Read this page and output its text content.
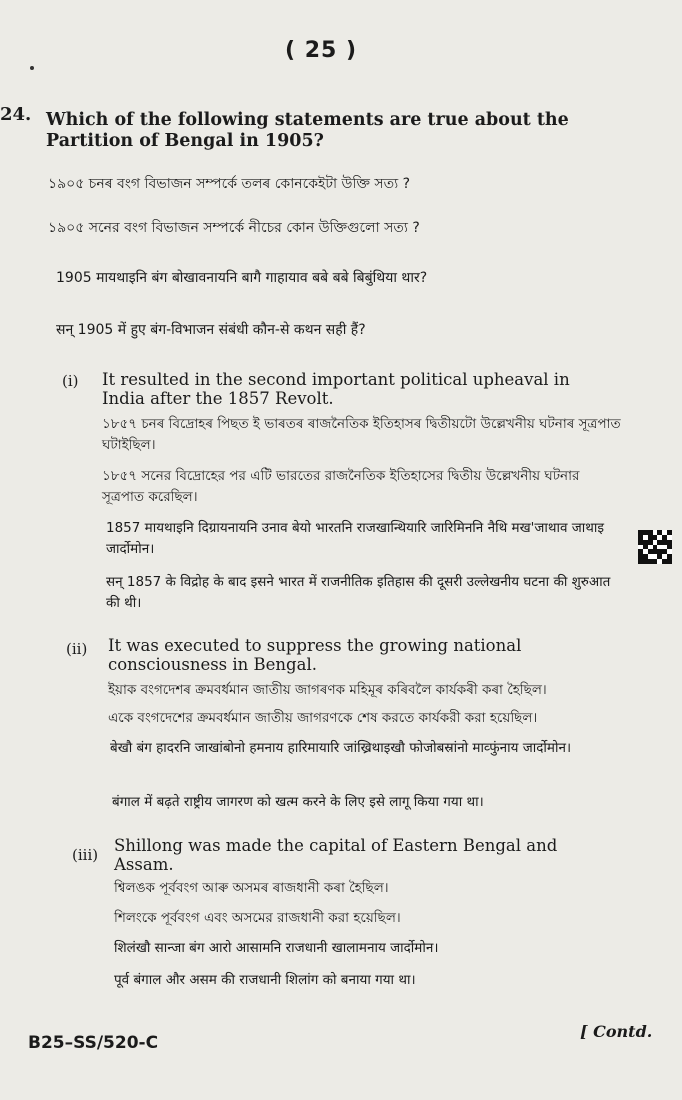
( 25 )
24. Which of the following statements are true about the Partition of Bengal in 1905?
১৯০৫ চনৰ বংগ বিভাজন সম্পৰ্কে তলৰ কোনকেইটা উক্তি সত্য ?
১৯০৫ সনের বংগ বিভাজন সম্পর্কে নীচের কোন উক্তিগুলো সত্য ?
1905 मायथाइनि बंग बोखावनायनि बागै गाहायाव बबे बबे बिबुंथिया थार?
सन् 1905 में हुए बंग-विभाजन संबंधी कौन-से कथन सही हैं?
(i) It resulted in the second important political upheaval in India after the 1857 Revolt.
১৮৫৭ চনৰ বিদ্ৰোহৰ পিছত ই ভাৰতৰ ৰাজনৈতিক ইতিহাসৰ দ্বিতীয়টো উল্লেখনীয় ঘটনাৰ সূত্ৰপাত ঘটাইছিল।
১৮৫৭ সনের বিদ্রোহের পর এটি ভারতের রাজনৈতিক ইতিহাসের দ্বিতীয় উল্লেখনীয় ঘটনার সূত্রপাত করেছিল।
1857 मायथाइनि दिग्रायनायनि उनाव बेयो भारतनि राजखान्थियारि जारिमिननि नैथि मख'जाथाव जाथाइ जार्दोमोन।
सन् 1857 के विद्रोह के बाद इसने भारत में राजनीतिक इतिहास की दूसरी उल्लेखनीय घटना की शुरुआत की थी।
(ii) It was executed to suppress the growing national consciousness in Bengal.
ইয়াক বংগদেশৰ ক্ৰমবৰ্ধমান জাতীয় জাগৰণক মহিমূৰ কৰিবলৈ কাৰ্যকৰী কৰা হৈছিল।
একে বংগদেশের ক্রমবর্ধমান জাতীয় জাগরণকে শেষ করতে কার্যকরী করা হয়েছিল।
बेखौ बंग हादरनि जाखांबोनो हमनाय हारिमायारि जांख्रिथाइखौ फोजोबस्रांनो माव्फुंनाय जार्दोमोन।
बंगाल में बढ़ते राष्ट्रीय जागरण को खत्म करने के लिए इसे लागू किया गया था।
(iii) Shillong was made the capital of Eastern Bengal and Assam.
শ্বিলঙক পূৰ্ববংগ আৰু অসমৰ ৰাজধানী কৰা হৈছিল।
শিলংকে পূর্ববংগ এবং অসমের রাজধানী করা হয়েছিল।
शिलंखौ सान्जा बंग आरो आसामनि राजधानी खालामनाय जार्दोमोन।
पूर्व बंगाल और असम की राजधानी शिलांग को बनाया गया था।
B25–SS/520-C
[ Contd.
